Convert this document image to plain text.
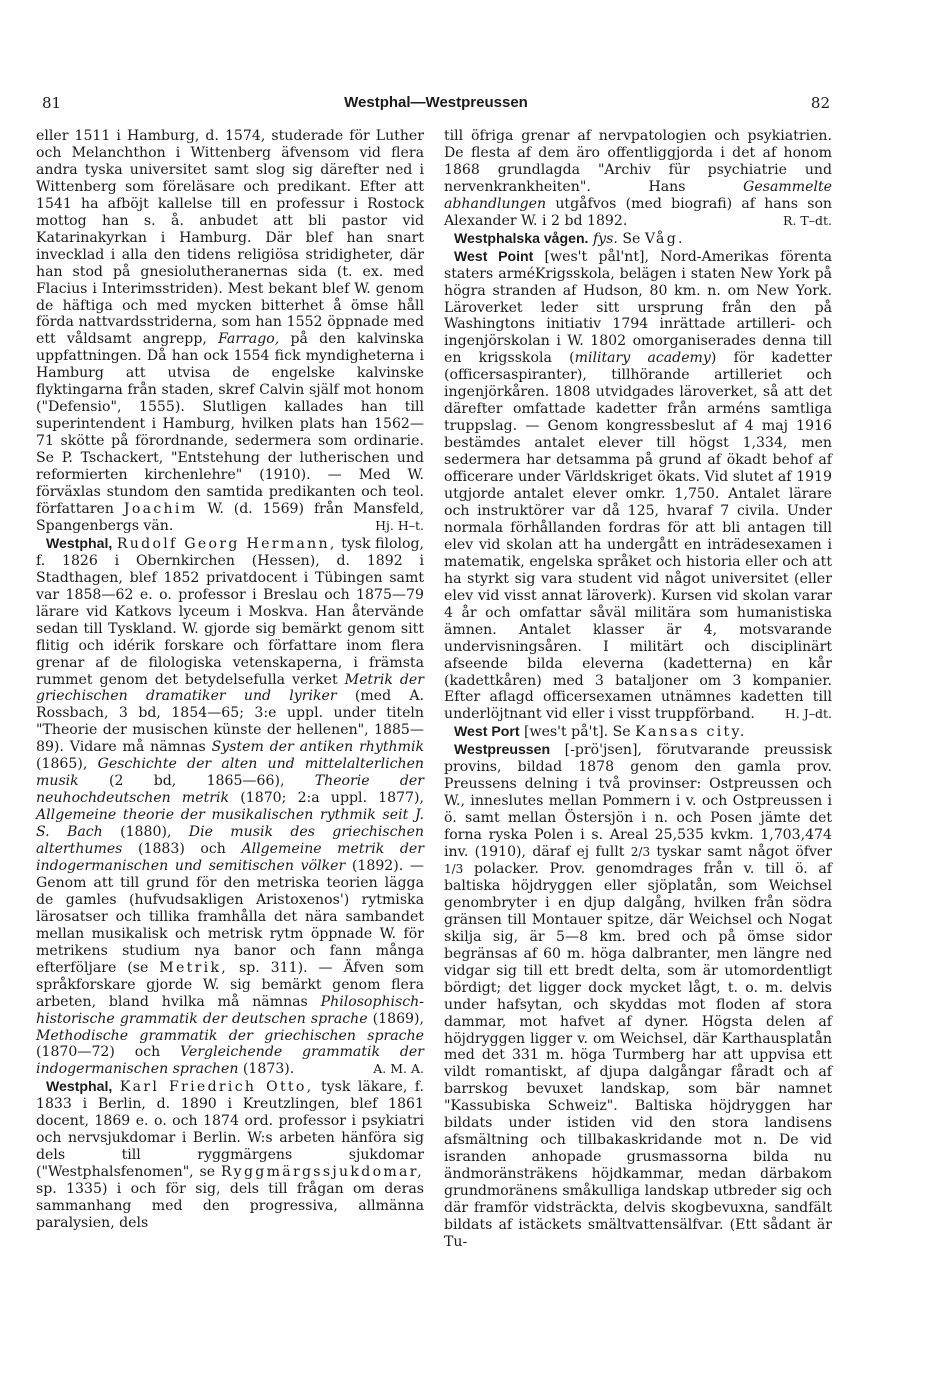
81	Westphal—Westpreussen	82

eller 1511 i Hamburg, d. 1574, studerade för Luther och Melanchthon i Wittenberg äfvensom vid flera andra tyska universitet samt slog sig därefter ned i Wittenberg som föreläsare och predikant. Efter att 1541 ha afböjt kallelse till en professur i Rostock mottog han s. å. anbudet att bli pastor vid Katarinakyrkan i Hamburg. Där blef han snart invecklad i alla den tidens religiösa stridigheter, där han stod på gnesiolutheranernas sida (t. ex. med Flacius i Interimsstriden). Mest bekant blef W. genom de häftiga och med mycken bitterhet å ömse håll förda nattvardsstriderna, som han 1552 öppnade med ett våldsamt angrepp, Farrago, på den kalvinska uppfattningen. Då han ock 1554 fick myndigheterna i Hamburg att utvisa de engelske kalvinske flyktingarna från staden, skref Calvin själf mot honom ("Defensio", 1555). Slutligen kallades han till superintendent i Hamburg, hvilken plats han 1562—71 skötte på förordnande, sedermera som ordinarie. Se P. Tschackert, "Entstehung der lutherischen und reformierten kirchenlehre" (1910). — Med W. förväxlas stundom den samtida predikanten och teol. författaren Joachim W. (d. 1569) från Mansfeld, Spangenbergs vän.	Hj. H–t.

Westphal, Rudolf Georg Hermann, tysk filolog, f. 1826 i Obernkirchen (Hessen), d. 1892 i Stadthagen, blef 1852 privatdocent i Tübingen samt var 1858—62 e. o. professor i Breslau och 1875—79 lärare vid Katkovs lyceum i Moskva. Han återvände sedan till Tyskland. W. gjorde sig bemärkt genom sitt flitig och idérik forskare och författare inom flera grenar af de filologiska vetenskaperna, i främsta rummet genom det betydelsefulla verket Metrik der griechischen dramatiker und lyriker (med A. Rossbach, 3 bd, 1854—65; 3:e uppl. under titeln "Theorie der musischen künste der hellenen", 1885—89). Vidare må nämnas System der antiken rhythmik (1865), Geschichte der alten und mittelalterlichen musik (2 bd, 1865—66), Theorie der neuhochdeutschen metrik (1870; 2:a uppl. 1877), Allgemeine theorie der musikalischen rythmik seit J. S. Bach (1880), Die musik des griechischen alterthumes (1883) och Allgemeine metrik der indogermanischen und semitischen völker (1892). — Genom att till grund för den metriska teorien lägga de gamles (hufvudsakligen Aristoxenos') rytmiska lärosatser och tillika framhålla det nära sambandet mellan musikalisk och metrisk rytm öppnade W. för metrikens studium nya banor och fann många efterföljare (se Metrik, sp. 311). — Äfven som språkforskare gjorde W. sig bemärkt genom flera arbeten, bland hvilka må nämnas Philosophisch-historische grammatik der deutschen sprache (1869), Methodische grammatik der griechischen sprache (1870—72) och Vergleichende grammatik der indogermanischen sprachen (1873).	A. M. A.

Westphal, Karl Friedrich Otto, tysk läkare, f. 1833 i Berlin, d. 1890 i Kreutzlingen, blef 1861 docent, 1869 e. o. och 1874 ord. professor i psykiatri och nervsjukdomar i Berlin. W:s arbeten hänföra sig dels till ryggmärgens sjukdomar ("Westphalsfenomen", se Ryggmärgssjukdomar, sp. 1335) i och för sig, dels till frågan om deras sammanhang med den progressiva, allmänna paralysien, dels

till öfriga grenar af nervpatologien och psykiatrien. De flesta af dem äro offentliggjorda i det af honom 1868 grundlagda "Archiv für psychiatrie und nervenkrankheiten". Hans	Gesammelte abhandlungen utgåfvos (med biografi) af hans son Alexander W. i 2 bd 1892.	R. T–dt.

Westphalska vågen. fys. Se Våg.

West Point [wes't pål'nt], Nord-Amerikas förenta staters arméKrigsskola, belägen i staten New York på högra stranden af Hudson, 80 km. n. om New York. Läroverket leder sitt ursprung från den på Washingtons initiativ 1794 inrättade artilleri- och ingenjörskolan i W. 1802 omorganiserades denna till en krigsskola (military academy) för kadetter (officersaspiranter), tillhörande artilleriet och ingenjörkåren. 1808 utvidgades läroverket, så att det därefter omfattade kadetter från arméns samtliga truppslag. — Genom kongressbeslut af 4 maj 1916 bestämdes antalet elever till högst 1,334, men sedermera har detsamma på grund af ökadt behof af officerare under Världskriget ökats. Vid slutet af 1919 utgjorde antalet elever omkr. 1,750. Antalet lärare och instruktörer var då 125, hvaraf 7 civila. Under normala förhållanden fordras för att bli antagen till elev vid skolan att ha undergått en inträdesexamen i matematik, engelska språket och historia eller och att ha styrkt sig vara student vid något universitet (eller elev vid visst annat läroverk). Kursen vid skolan varar 4 år och omfattar såväl militära som humanistiska ämnen. Antalet klasser är 4, motsvarande undervisningsåren. I militärt och disciplinärt afseende bilda eleverna (kadetterna) en kår (kadettkåren) med 3 bataljoner om 3 kompanier. Efter aflagd officersexamen utnämnes kadetten till underlöjtnant vid eller i visst truppförband.	H. J–dt.

West Port [wes't på't]. Se Kansas city.

Westpreussen [-prö'jsen], förutvarande preussisk provins, bildad 1878 genom den gamla prov. Preussens delning i två provinser: Ostpreussen och W., inneslutes mellan Pommern i v. och Ostpreussen i ö. samt mellan Östersjön i n. och Posen jämte det forna ryska Polen i s. Areal 25,535 kvkm. 1,703,474 inv. (1910), däraf ej fullt 2/3 tyskar samt något öfver 1/3 polacker. Prov. genomdrages från v. till ö. af baltiska höjdryggen eller sjöplatån, som Weichsel genombryter i en djup dalgång, hvilken från södra gränsen till Montauer spitze, där Weichsel och Nogat skilja sig, är 5—8 km. bred och på ömse sidor begränsas af 60 m. höga dalbranter, men längre ned vidgar sig till ett bredt delta, som är utomordentligt bördigt; det ligger dock mycket lågt, t. o. m. delvis under hafsytan, och skyddas mot floden af stora dammar, mot hafvet af dyner. Högsta delen af höjdryggen ligger v. om Weichsel, där Karthausplatån med det 331 m. höga Turmberg har att uppvisa ett vildt romantiskt, af djupa dalgångar fåradt och af barrskog bevuxet landskap, som bär namnet "Kassubiska Schweiz". Baltiska höjdryggen har bildats under istiden vid den stora landisens afsmältning och tillbakaskridande mot n. De vid isranden anhopade grusmassorna bilda nu ändmoränsträkens höjdkammar, medan därbakom grundmoränens småkulliga landskap utbreder sig och där framför vidsträckta, delvis skogbevuxna, sandfält bildats af istäckets smältvattensälfvar. (Ett sådant är Tu-
